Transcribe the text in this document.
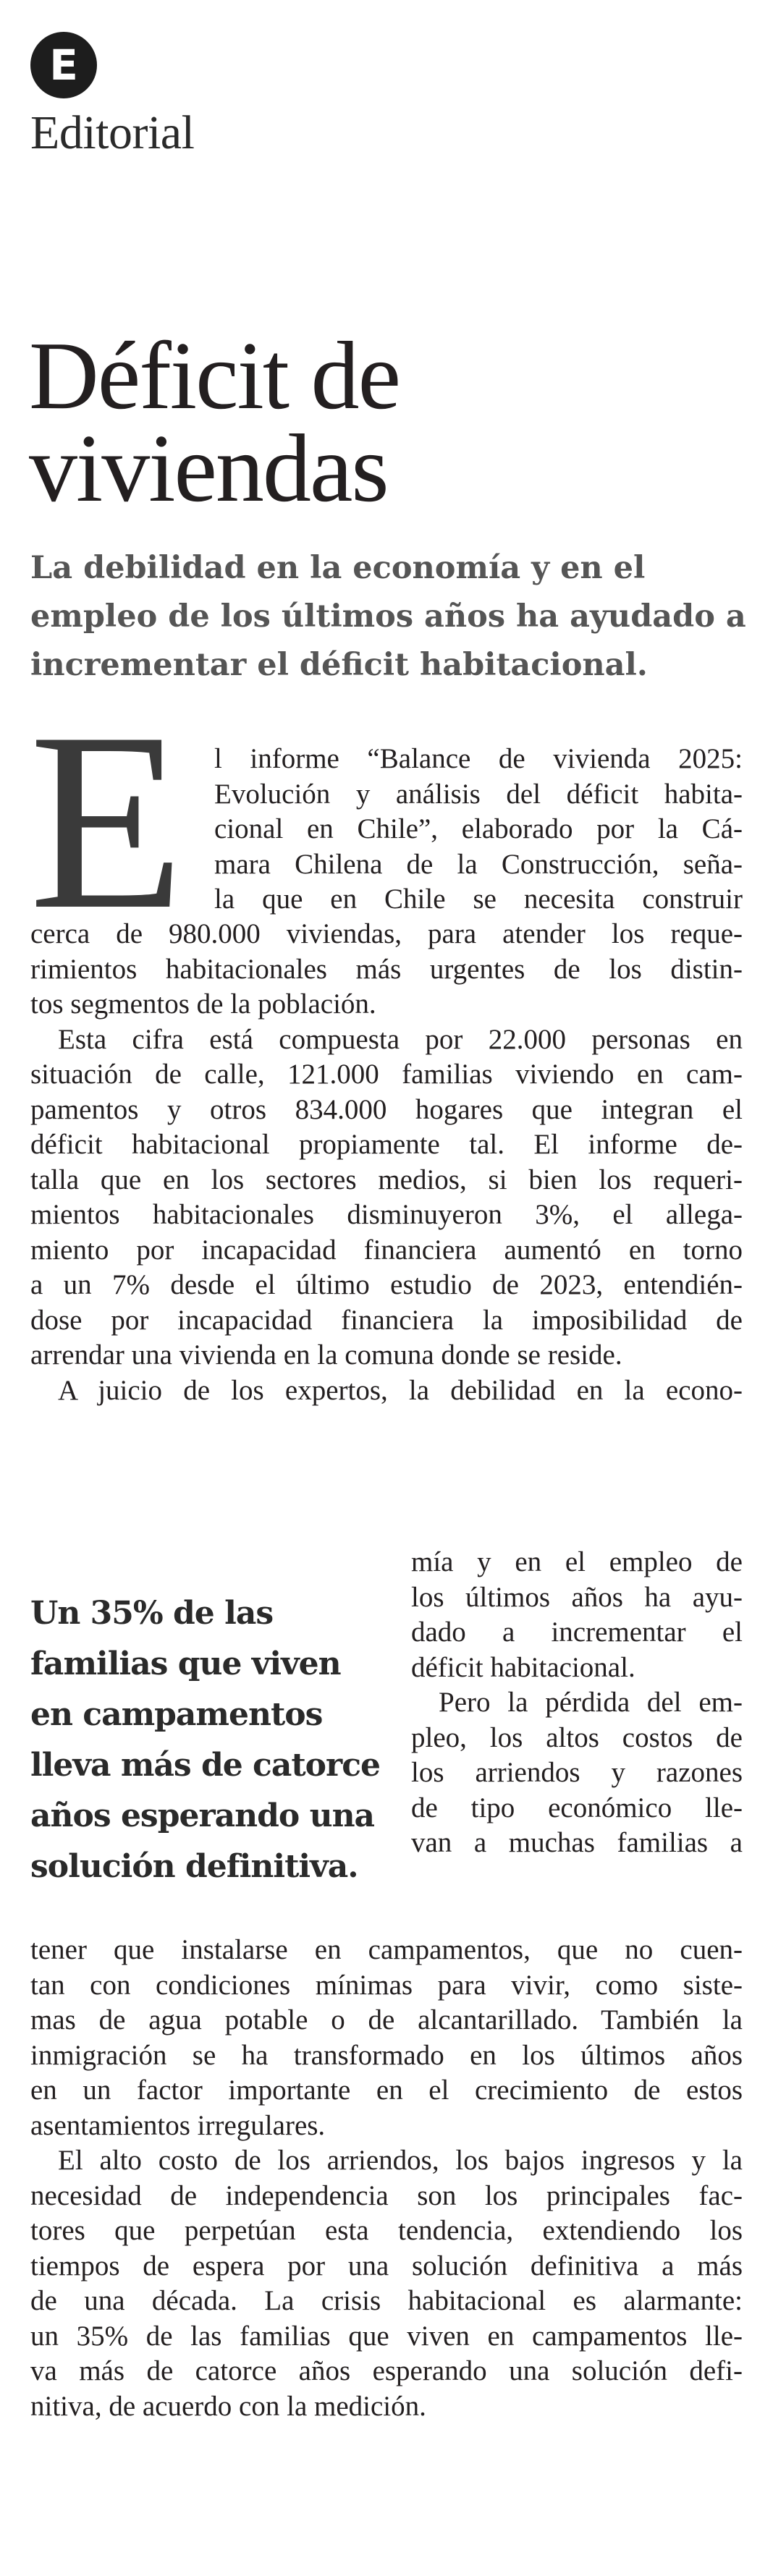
E
Editorial
Déficit de
viviendas
La debilidad en la economía y en el
empleo de los últimos años ha ayudado a
incrementar el déficit habitacional.
E l informe “Balance de vivienda 2025:
Evolución y análisis del déficit habita-
cional en Chile”, elaborado por la Cá-
mara Chilena de la Construcción, seña-
la que en Chile se necesita construir
cerca de 980.000 viviendas, para atender los reque-
rimientos habitacionales más urgentes de los distin-
tos segmentos de la población.
Esta cifra está compuesta por 22.000 personas en
situación de calle, 121.000 familias viviendo en cam-
pamentos y otros 834.000 hogares que integran el
déficit habitacional propiamente tal. El informe de-
talla que en los sectores medios, si bien los requeri-
mientos habitacionales disminuyeron 3%, el allega-
miento por incapacidad financiera aumentó en torno
a un 7% desde el último estudio de 2023, entendién-
dose por incapacidad financiera la imposibilidad de
arrendar una vivienda en la comuna donde se reside.
A juicio de los expertos, la debilidad en la econo-
Un 35% de las
familias que viven
en campamentos
lleva más de catorce
años esperando una
solución definitiva.
mía y en el empleo de
los últimos años ha ayu-
dado a incrementar el
déficit habitacional.
Pero la pérdida del em-
pleo, los altos costos de
los arriendos y razones
de tipo económico lle-
van a muchas familias a
tener que instalarse en campamentos, que no cuen-
tan con condiciones mínimas para vivir, como siste-
mas de agua potable o de alcantarillado. También la
inmigración se ha transformado en los últimos años
en un factor importante en el crecimiento de estos
asentamientos irregulares.
El alto costo de los arriendos, los bajos ingresos y la
necesidad de independencia son los principales fac-
tores que perpetúan esta tendencia, extendiendo los
tiempos de espera por una solución definitiva a más
de una década. La crisis habitacional es alarmante:
un 35% de las familias que viven en campamentos lle-
va más de catorce años esperando una solución defi-
nitiva, de acuerdo con la medición.
